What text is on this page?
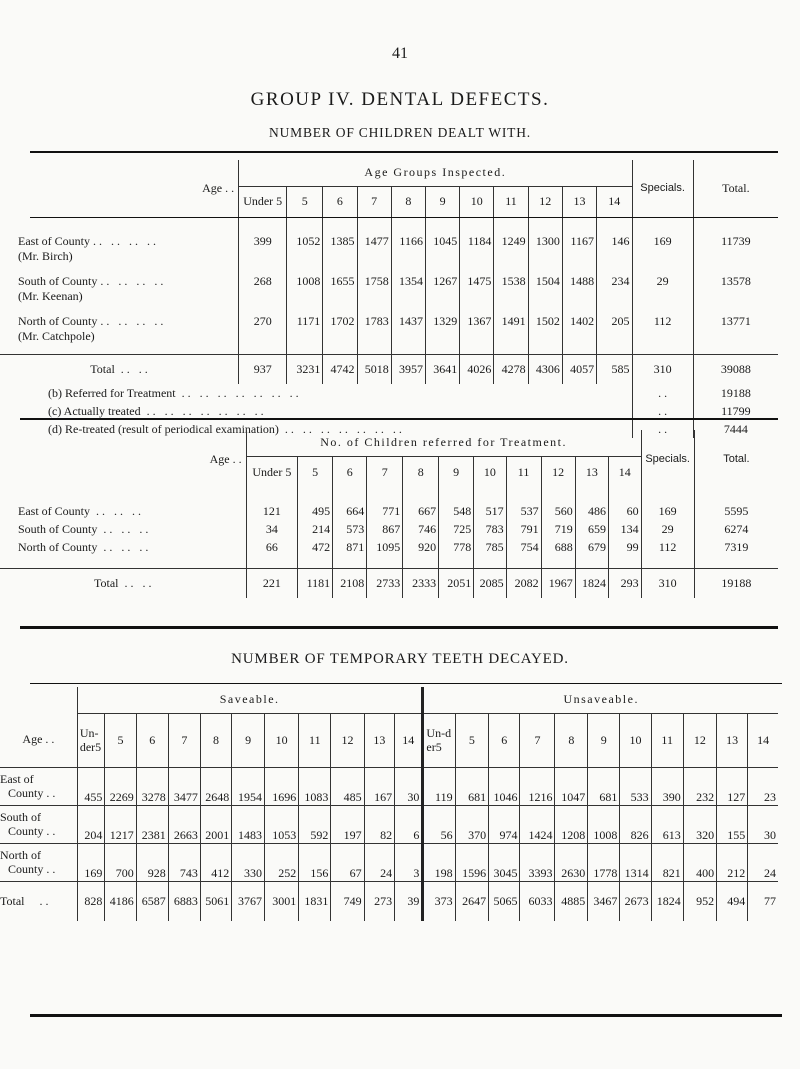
41
GROUP IV. DENTAL DEFECTS.
NUMBER OF CHILDREN DEALT WITH.
Age . .	Age Groups Inspected.											Specials.	Total.
	Under 5	5	6	7	8	9	10	11	12	13	14		

East of County . .   . .   . .   . .
(Mr. Birch)	399	1052	1385	1477	1166	1045	1184	1249	1300	1167	146	169	11739
South of County . .   . .   . .   . .
(Mr. Keenan)	268	1008	1655	1758	1354	1267	1475	1538	1504	1488	234	29	13578
North of County . .   . .   . .   . .
(Mr. Catchpole)	270	1171	1702	1783	1437	1329	1367	1491	1502	1402	205	112	13771
Total  . .   . .	937	3231	4742	5018	3957	3641	4026	4278	4306	4057	585	310	39088
(b) Referred for Treatment  . .   . .   . .   . .   . .   . .   . .												. .	19188
(c) Actually treated  . .   . .   . .   . .   . .   . .   . .												. .	11799
(d) Re-treated (result of periodical examination)  . .   . .   . .   . .   . .   . .   . .												. .	7444
Age . .	No. of Children referred for Treatment.											Specials.	Total.
	Under 5	5	6	7	8	9	10	11	12	13	14		

East of County  . .   . .   . .	121	495	664	771	667	548	517	537	560	486	60	169	5595
South of County  . .   . .   . .	34	214	573	867	746	725	783	791	719	659	134	29	6274
North of County  . .   . .   . .	66	472	871	1095	920	778	785	754	688	679	99	112	7319

Total  . .   . .	221	1181	2108	2733	2333	2051	2085	2082	1967	1824	293	310	19188
NUMBER OF TEMPORARY TEETH DECAYED.
	Saveable.											Unsaveable.										
Age . .	Un-der5	5	6	7	8	9	10	11	12	13	14	Un-der5	5	6	7	8	9	10	11	12	13	14
East of
County . .	455	2269	3278	3477	2648	1954	1696	1083	485	167	30	119	681	1046	1216	1047	681	533	390	232	127	23
South of
County . .	204	1217	2381	2663	2001	1483	1053	592	197	82	6	56	370	974	1424	1208	1008	826	613	320	155	30
North of
County . .	169	700	928	743	412	330	252	156	67	24	3	198	1596	3045	3393	2630	1778	1314	821	400	212	24
Total     . .	828	4186	6587	6883	5061	3767	3001	1831	749	273	39	373	2647	5065	6033	4885	3467	2673	1824	952	494	77
